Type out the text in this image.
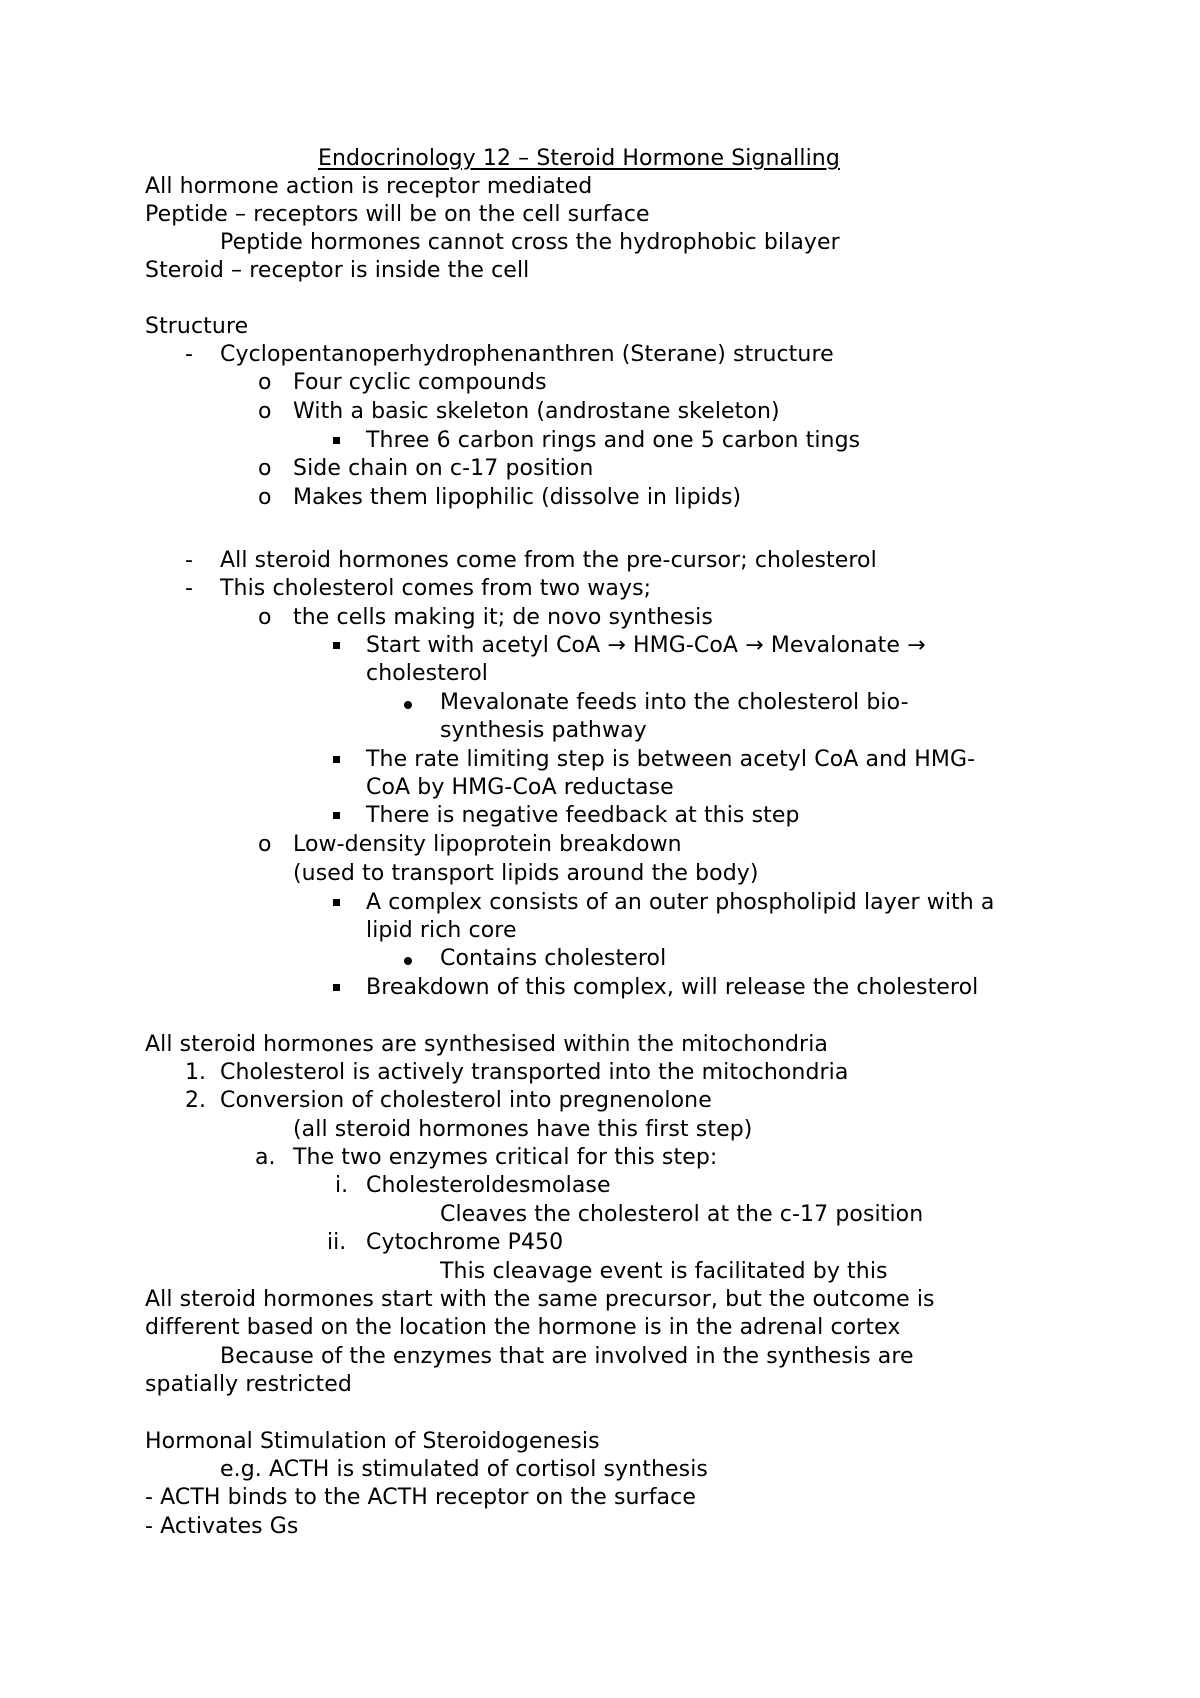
Endocrinology 12 – Steroid Hormone Signalling
All hormone action is receptor mediated
Peptide – receptors will be on the cell surface
Peptide hormones cannot cross the hydrophobic bilayer
Steroid – receptor is inside the cell
Structure
- Cyclopentanoperhydrophenanthren (Sterane) structure
o Four cyclic compounds
o With a basic skeleton (androstane skeleton)
Three 6 carbon rings and one 5 carbon tings
o Side chain on c-17 position
o Makes them lipophilic (dissolve in lipids)
- All steroid hormones come from the pre-cursor; cholesterol
- This cholesterol comes from two ways;
o the cells making it; de novo synthesis
Start with acetyl CoA → HMG-CoA → Mevalonate →
cholesterol
Mevalonate feeds into the cholesterol bio-
synthesis pathway
The rate limiting step is between acetyl CoA and HMG-
CoA by HMG-CoA reductase
There is negative feedback at this step
o Low-density lipoprotein breakdown
(used to transport lipids around the body)
A complex consists of an outer phospholipid layer with a
lipid rich core
Contains cholesterol
Breakdown of this complex, will release the cholesterol
All steroid hormones are synthesised within the mitochondria
1. Cholesterol is actively transported into the mitochondria
2. Conversion of cholesterol into pregnenolone
(all steroid hormones have this first step)
a. The two enzymes critical for this step:
i. Cholesteroldesmolase
Cleaves the cholesterol at the c-17 position
ii. Cytochrome P450
This cleavage event is facilitated by this
All steroid hormones start with the same precursor, but the outcome is
different based on the location the hormone is in the adrenal cortex
Because of the enzymes that are involved in the synthesis are
spatially restricted
Hormonal Stimulation of Steroidogenesis
e.g. ACTH is stimulated of cortisol synthesis
- ACTH binds to the ACTH receptor on the surface
- Activates Gs
